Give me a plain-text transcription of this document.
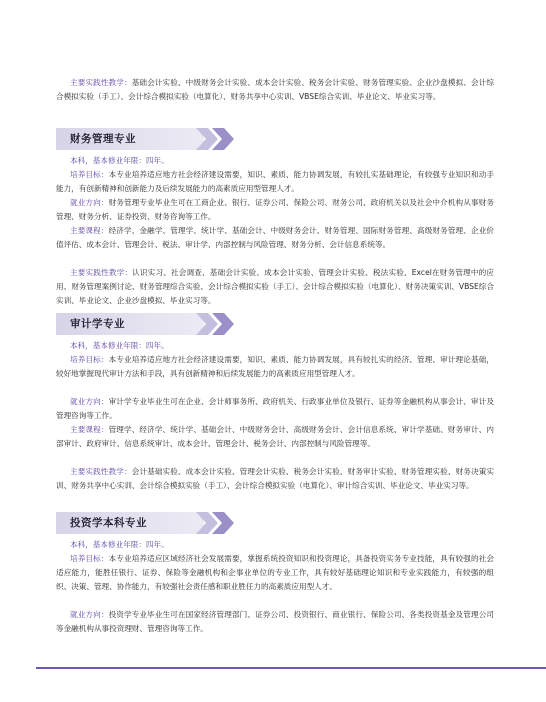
主要实践性教学：基础会计实验、中级财务会计实验、成本会计实验、税务会计实验、财务管理实验、企业沙盘模拟、会计综合模拟实验（手工）、会计综合模拟实验（电算化）、财务共享中心实训、VBSE综合实训、毕业论文、毕业实习等。

财务管理专业

本科，基本修业年限：四年。

培养目标：本专业培养适应地方社会经济建设需要，知识、素质、能力协调发展，有较扎实基础理论，有较强专业知识和动手能力，有创新精神和创新能力及后续发展能力的高素质应用型管理人才。

就业方向：财务管理专业毕业生可在工商企业、银行、证券公司、保险公司、财务公司、政府机关以及社会中介机构从事财务管理、财务分析、证券投资、财务咨询等工作。

主要课程：经济学、金融学、管理学、统计学、基础会计、中级财务会计、财务管理、国际财务管理、高级财务管理、企业价值评估、成本会计、管理会计、税法、审计学、内部控制与风险管理、财务分析、会计信息系统等。

主要实践性教学：认识实习、社会调查、基础会计实验、成本会计实验、管理会计实验、税法实验、Excel在财务管理中的应用、财务管理案例讨论、财务管理综合实验、会计综合模拟实验（手工）、会计综合模拟实验（电算化）、财务决策实训、VBSE综合实训、毕业论文、企业沙盘模拟、毕业实习等。

审计学专业

本科，基本修业年限：四年。

培养目标：本专业培养适应地方社会经济建设需要，知识、素质、能力协调发展，具有较扎实的经济、管理、审计理论基础，较好地掌握现代审计方法和手段，具有创新精神和后续发展能力的高素质应用型管理人才。

就业方向：审计学专业毕业生可在企业、会计师事务所、政府机关、行政事业单位及银行、证券等金融机构从事会计、审计及管理咨询等工作。

主要课程：管理学、经济学、统计学、基础会计、中级财务会计、高级财务会计、会计信息系统、审计学基础、财务审计、内部审计、政府审计、信息系统审计、成本会计、管理会计、税务会计、内部控制与风险管理等。

主要实践性教学：会计基础实验、成本会计实验、管理会计实验、税务会计实验、财务审计实验、财务管理实验、财务决策实训、财务共享中心实训、会计综合模拟实验（手工）、会计综合模拟实验（电算化）、审计综合实训、毕业论文、毕业实习等。

投资学本科专业

本科，基本修业年限：四年。

培养目标：本专业培养适应区域经济社会发展需要，掌握系统投资知识和投资理论，具备投资实务专业技能，具有较强的社会适应能力，能胜任银行、证券、保险等金融机构和企事业单位的专业工作，具有较好基础理论知识和专业实践能力，有较强的组织、决策、管理、协作能力，有较强社会责任感和职业胜任力的高素质应用型人才。

就业方向：投资学专业毕业生可在国家经济管理部门、证券公司、投资银行、商业银行、保险公司、各类投资基金及管理公司等金融机构从事投资理财、管理咨询等工作。
